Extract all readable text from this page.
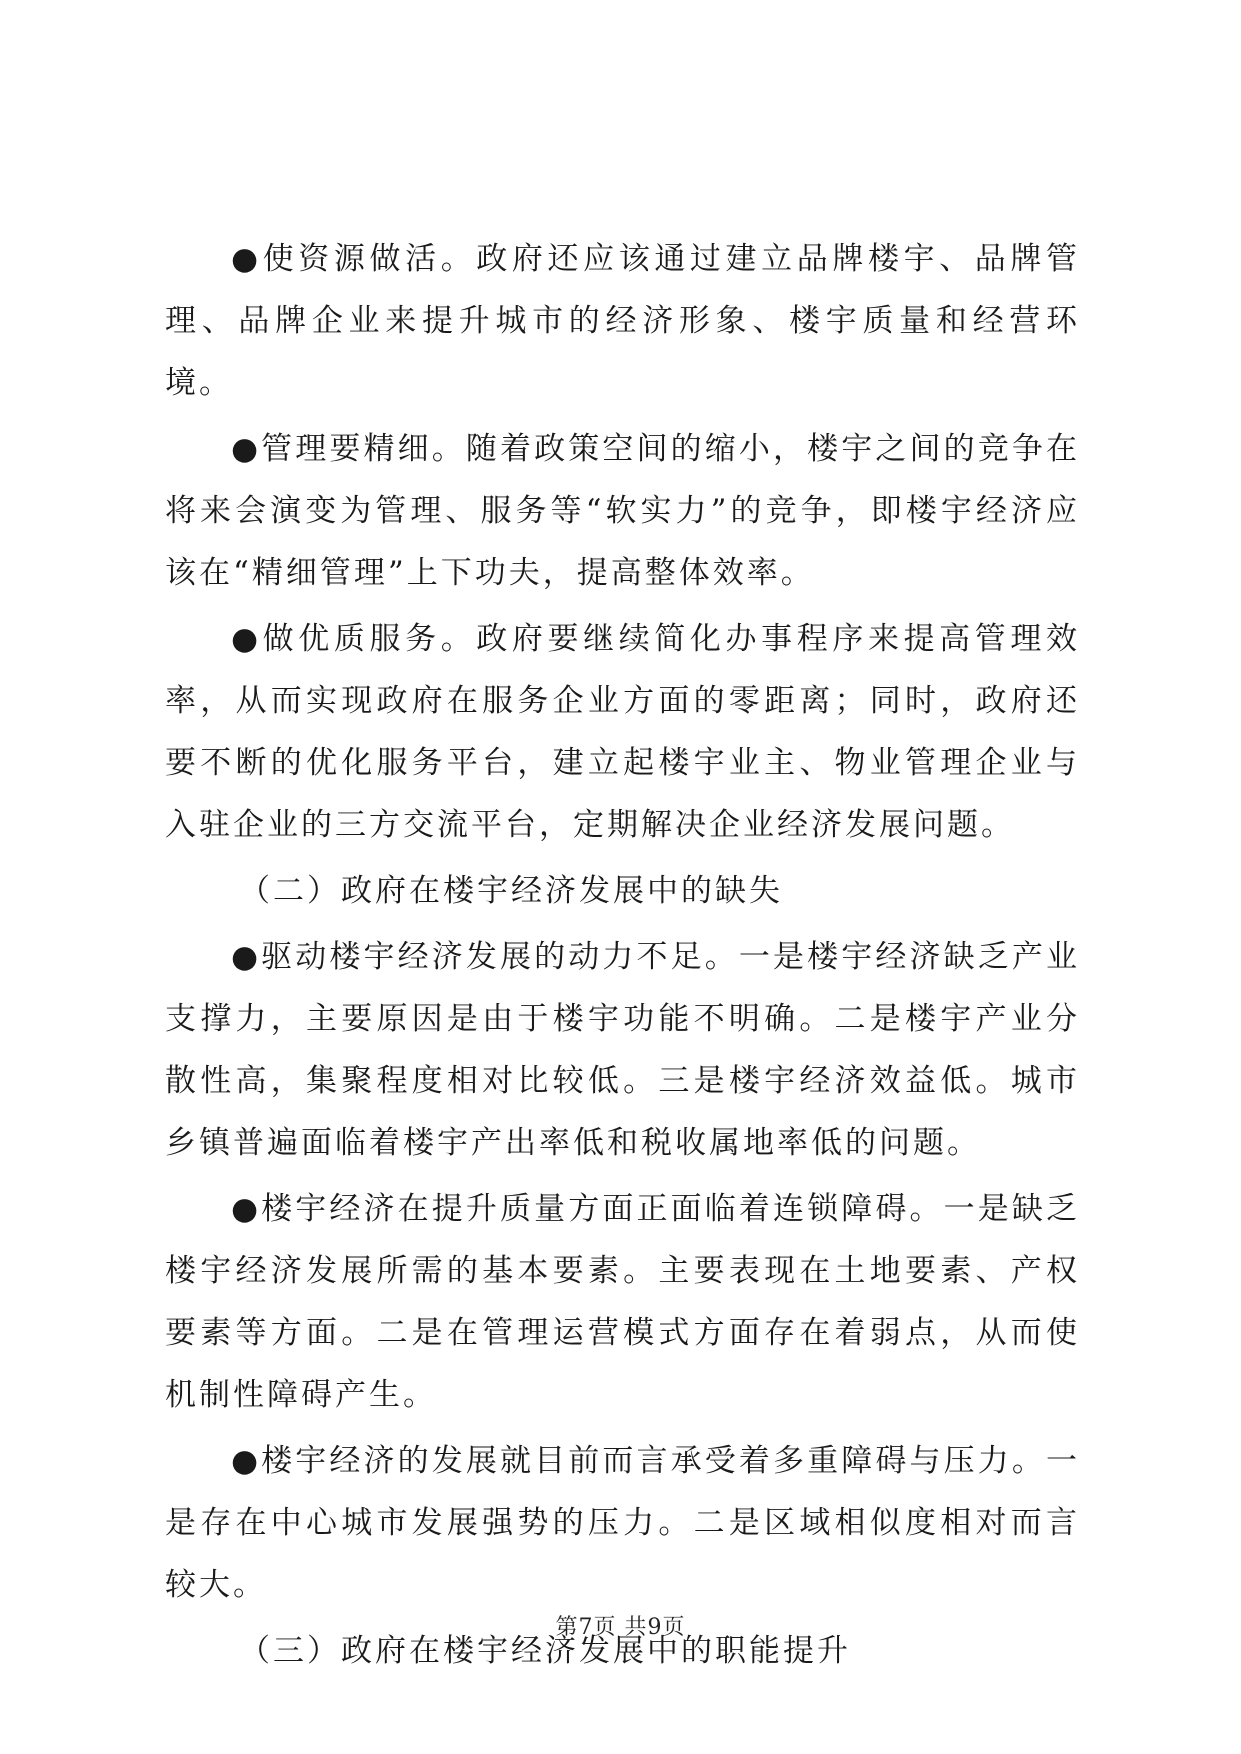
●使资源做活。政府还应该通过建立品牌楼宇、品牌管理、品牌企业来提升城市的经济形象、楼宇质量和经营环境。

●管理要精细。随着政策空间的缩小，楼宇之间的竞争在将来会演变为管理、服务等“软实力”的竞争，即楼宇经济应该在“精细管理”上下功夫，提高整体效率。

●做优质服务。政府要继续简化办事程序来提高管理效率，从而实现政府在服务企业方面的零距离；同时，政府还要不断的优化服务平台，建立起楼宇业主、物业管理企业与入驻企业的三方交流平台，定期解决企业经济发展问题。

（二）政府在楼宇经济发展中的缺失

●驱动楼宇经济发展的动力不足。一是楼宇经济缺乏产业支撑力，主要原因是由于楼宇功能不明确。二是楼宇产业分散性高，集聚程度相对比较低。三是楼宇经济效益低。城市乡镇普遍面临着楼宇产出率低和税收属地率低的问题。

●楼宇经济在提升质量方面正面临着连锁障碍。一是缺乏楼宇经济发展所需的基本要素。主要表现在土地要素、产权要素等方面。二是在管理运营模式方面存在着弱点，从而使机制性障碍产生。

●楼宇经济的发展就目前而言承受着多重障碍与压力。一是存在中心城市发展强势的压力。二是区域相似度相对而言较大。

（三）政府在楼宇经济发展中的职能提升

第7页 共9页
